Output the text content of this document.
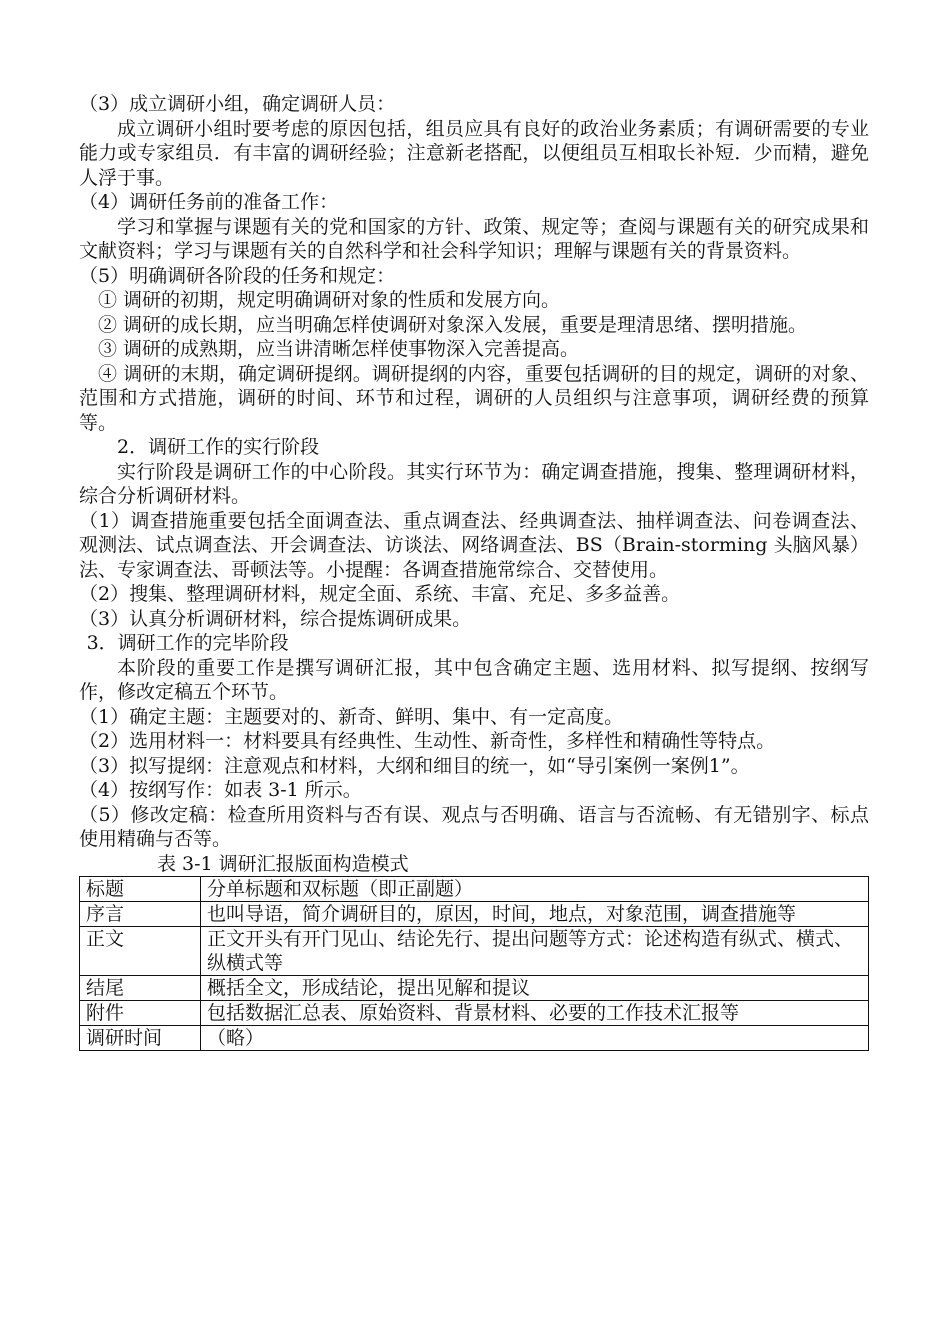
（3）成立调研小组，确定调研人员：

成立调研小组时要考虑的原因包括，组员应具有良好的政治业务素质；有调研需要的专业能力或专家组员．有丰富的调研经验；注意新老搭配，以便组员互相取长补短．少而精，避免人浮于事。

（4）调研任务前的准备工作：

学习和掌握与课题有关的党和国家的方针、政策、规定等；查阅与课题有关的研究成果和文献资料；学习与课题有关的自然科学和社会科学知识；理解与课题有关的背景资料。

（5）明确调研各阶段的任务和规定：

① 调研的初期，规定明确调研对象的性质和发展方向。

② 调研的成长期，应当明确怎样使调研对象深入发展，重要是理清思绪、摆明措施。

③ 调研的成熟期，应当讲清晰怎样使事物深入完善提高。

④ 调研的末期，确定调研提纲。调研提纲的内容，重要包括调研的目的规定，调研的对象、范围和方式措施，调研的时间、环节和过程，调研的人员组织与注意事项，调研经费的预算等。

2．调研工作的实行阶段

实行阶段是调研工作的中心阶段。其实行环节为：确定调查措施，搜集、整理调研材料，综合分析调研材料。

（1）调查措施重要包括全面调查法、重点调查法、经典调查法、抽样调查法、问卷调查法、观测法、试点调查法、开会调查法、访谈法、网络调查法、BS（Brain-storming 头脑风暴）法、专家调查法、哥顿法等。小提醒：各调查措施常综合、交替使用。

（2）搜集、整理调研材料，规定全面、系统、丰富、充足、多多益善。

（3）认真分析调研材料，综合提炼调研成果。

3．调研工作的完毕阶段

本阶段的重要工作是撰写调研汇报，其中包含确定主题、选用材料、拟写提纲、按纲写作，修改定稿五个环节。

（1）确定主题：主题要对的、新奇、鲜明、集中、有一定高度。

（2）选用材料一：材料要具有经典性、生动性、新奇性，多样性和精确性等特点。

（3）拟写提纲：注意观点和材料，大纲和细目的统一，如“导引案例一案例1”。

（4）按纲写作：如表 3-1 所示。

（5）修改定稿：检查所用资料与否有误、观点与否明确、语言与否流畅、有无错别字、标点使用精确与否等。

表 3-1 调研汇报版面构造模式

标题	分单标题和双标题（即正副题）
序言	也叫导语，简介调研目的，原因，时间，地点，对象范围，调查措施等
正文	正文开头有开门见山、结论先行、提出问题等方式：论述构造有纵式、横式、纵横式等
结尾	概括全文，形成结论，提出见解和提议
附件	包括数据汇总表、原始资料、背景材料、必要的工作技术汇报等
调研时间	（略）
